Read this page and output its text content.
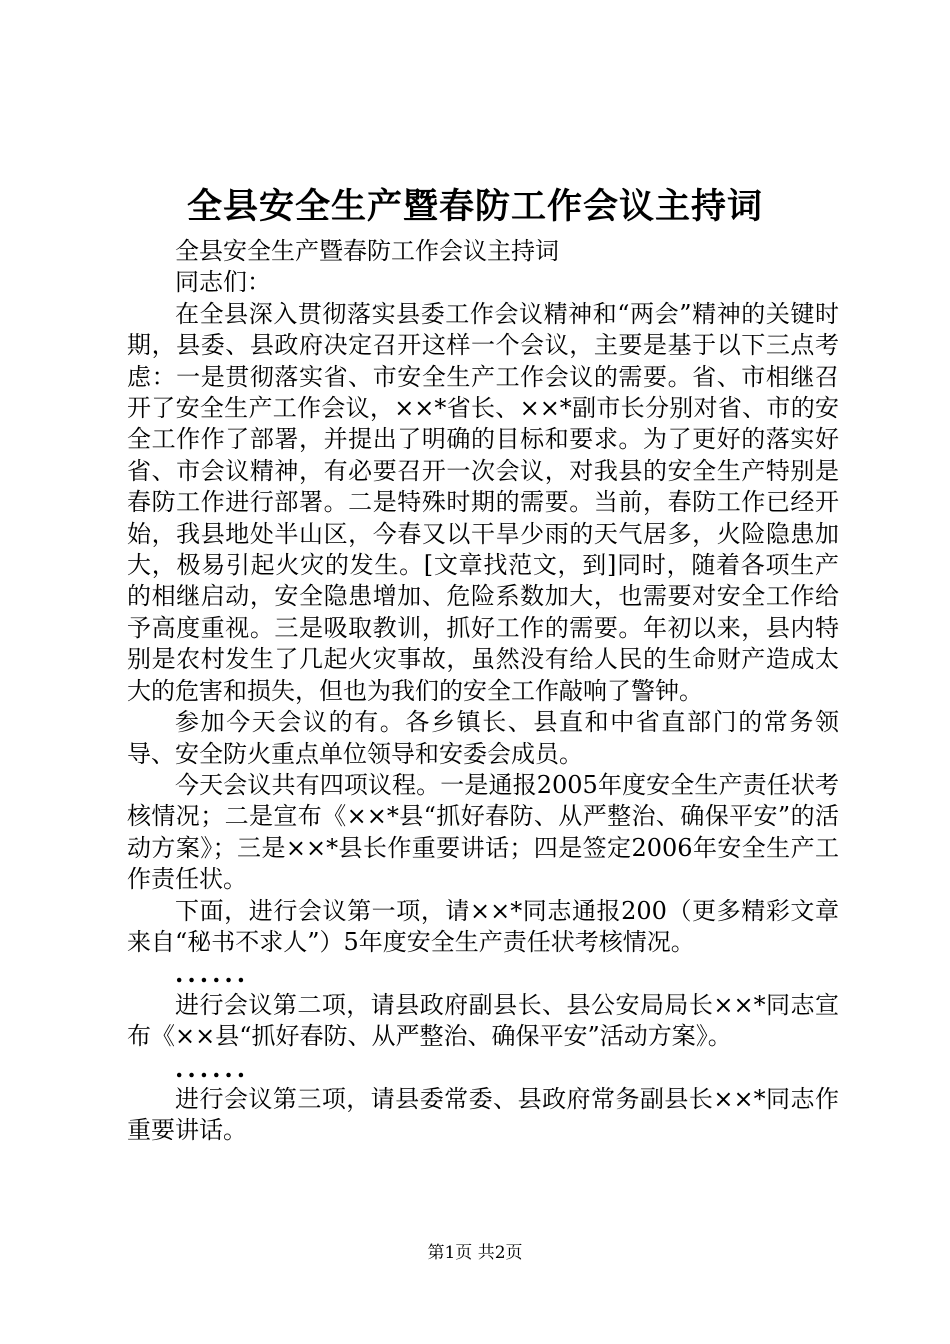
全县安全生产暨春防工作会议主持词

全县安全生产暨春防工作会议主持词

同志们：

在全县深入贯彻落实县委工作会议精神和“两会”精神的关键时期，县委、县政府决定召开这样一个会议，主要是基于以下三点考虑：一是贯彻落实省、市安全生产工作会议的需要。省、市相继召开了安全生产工作会议，××*省长、××*副市长分别对省、市的安全工作作了部署，并提出了明确的目标和要求。为了更好的落实好省、市会议精神，有必要召开一次会议，对我县的安全生产特别是春防工作进行部署。二是特殊时期的需要。当前，春防工作已经开始，我县地处半山区，今春又以干旱少雨的天气居多，火险隐患加大，极易引起火灾的发生。[文章找范文，到]同时，随着各项生产的相继启动，安全隐患增加、危险系数加大，也需要对安全工作给予高度重视。三是吸取教训，抓好工作的需要。年初以来，县内特别是农村发生了几起火灾事故，虽然没有给人民的生命财产造成太大的危害和损失，但也为我们的安全工作敲响了警钟。

参加今天会议的有。各乡镇长、县直和中省直部门的常务领导、安全防火重点单位领导和安委会成员。

今天会议共有四项议程。一是通报2005年度安全生产责任状考核情况；二是宣布《××*县“抓好春防、从严整治、确保平安”的活动方案》；三是××*县长作重要讲话；四是签定2006年安全生产工作责任状。

下面，进行会议第一项，请××*同志通报200（更多精彩文章来自“秘书不求人”）5年度安全生产责任状考核情况。

......

进行会议第二项，请县政府副县长、县公安局局长××*同志宣布《××县“抓好春防、从严整治、确保平安”活动方案》。

......

进行会议第三项，请县委常委、县政府常务副县长××*同志作重要讲话。

第1页 共2页
